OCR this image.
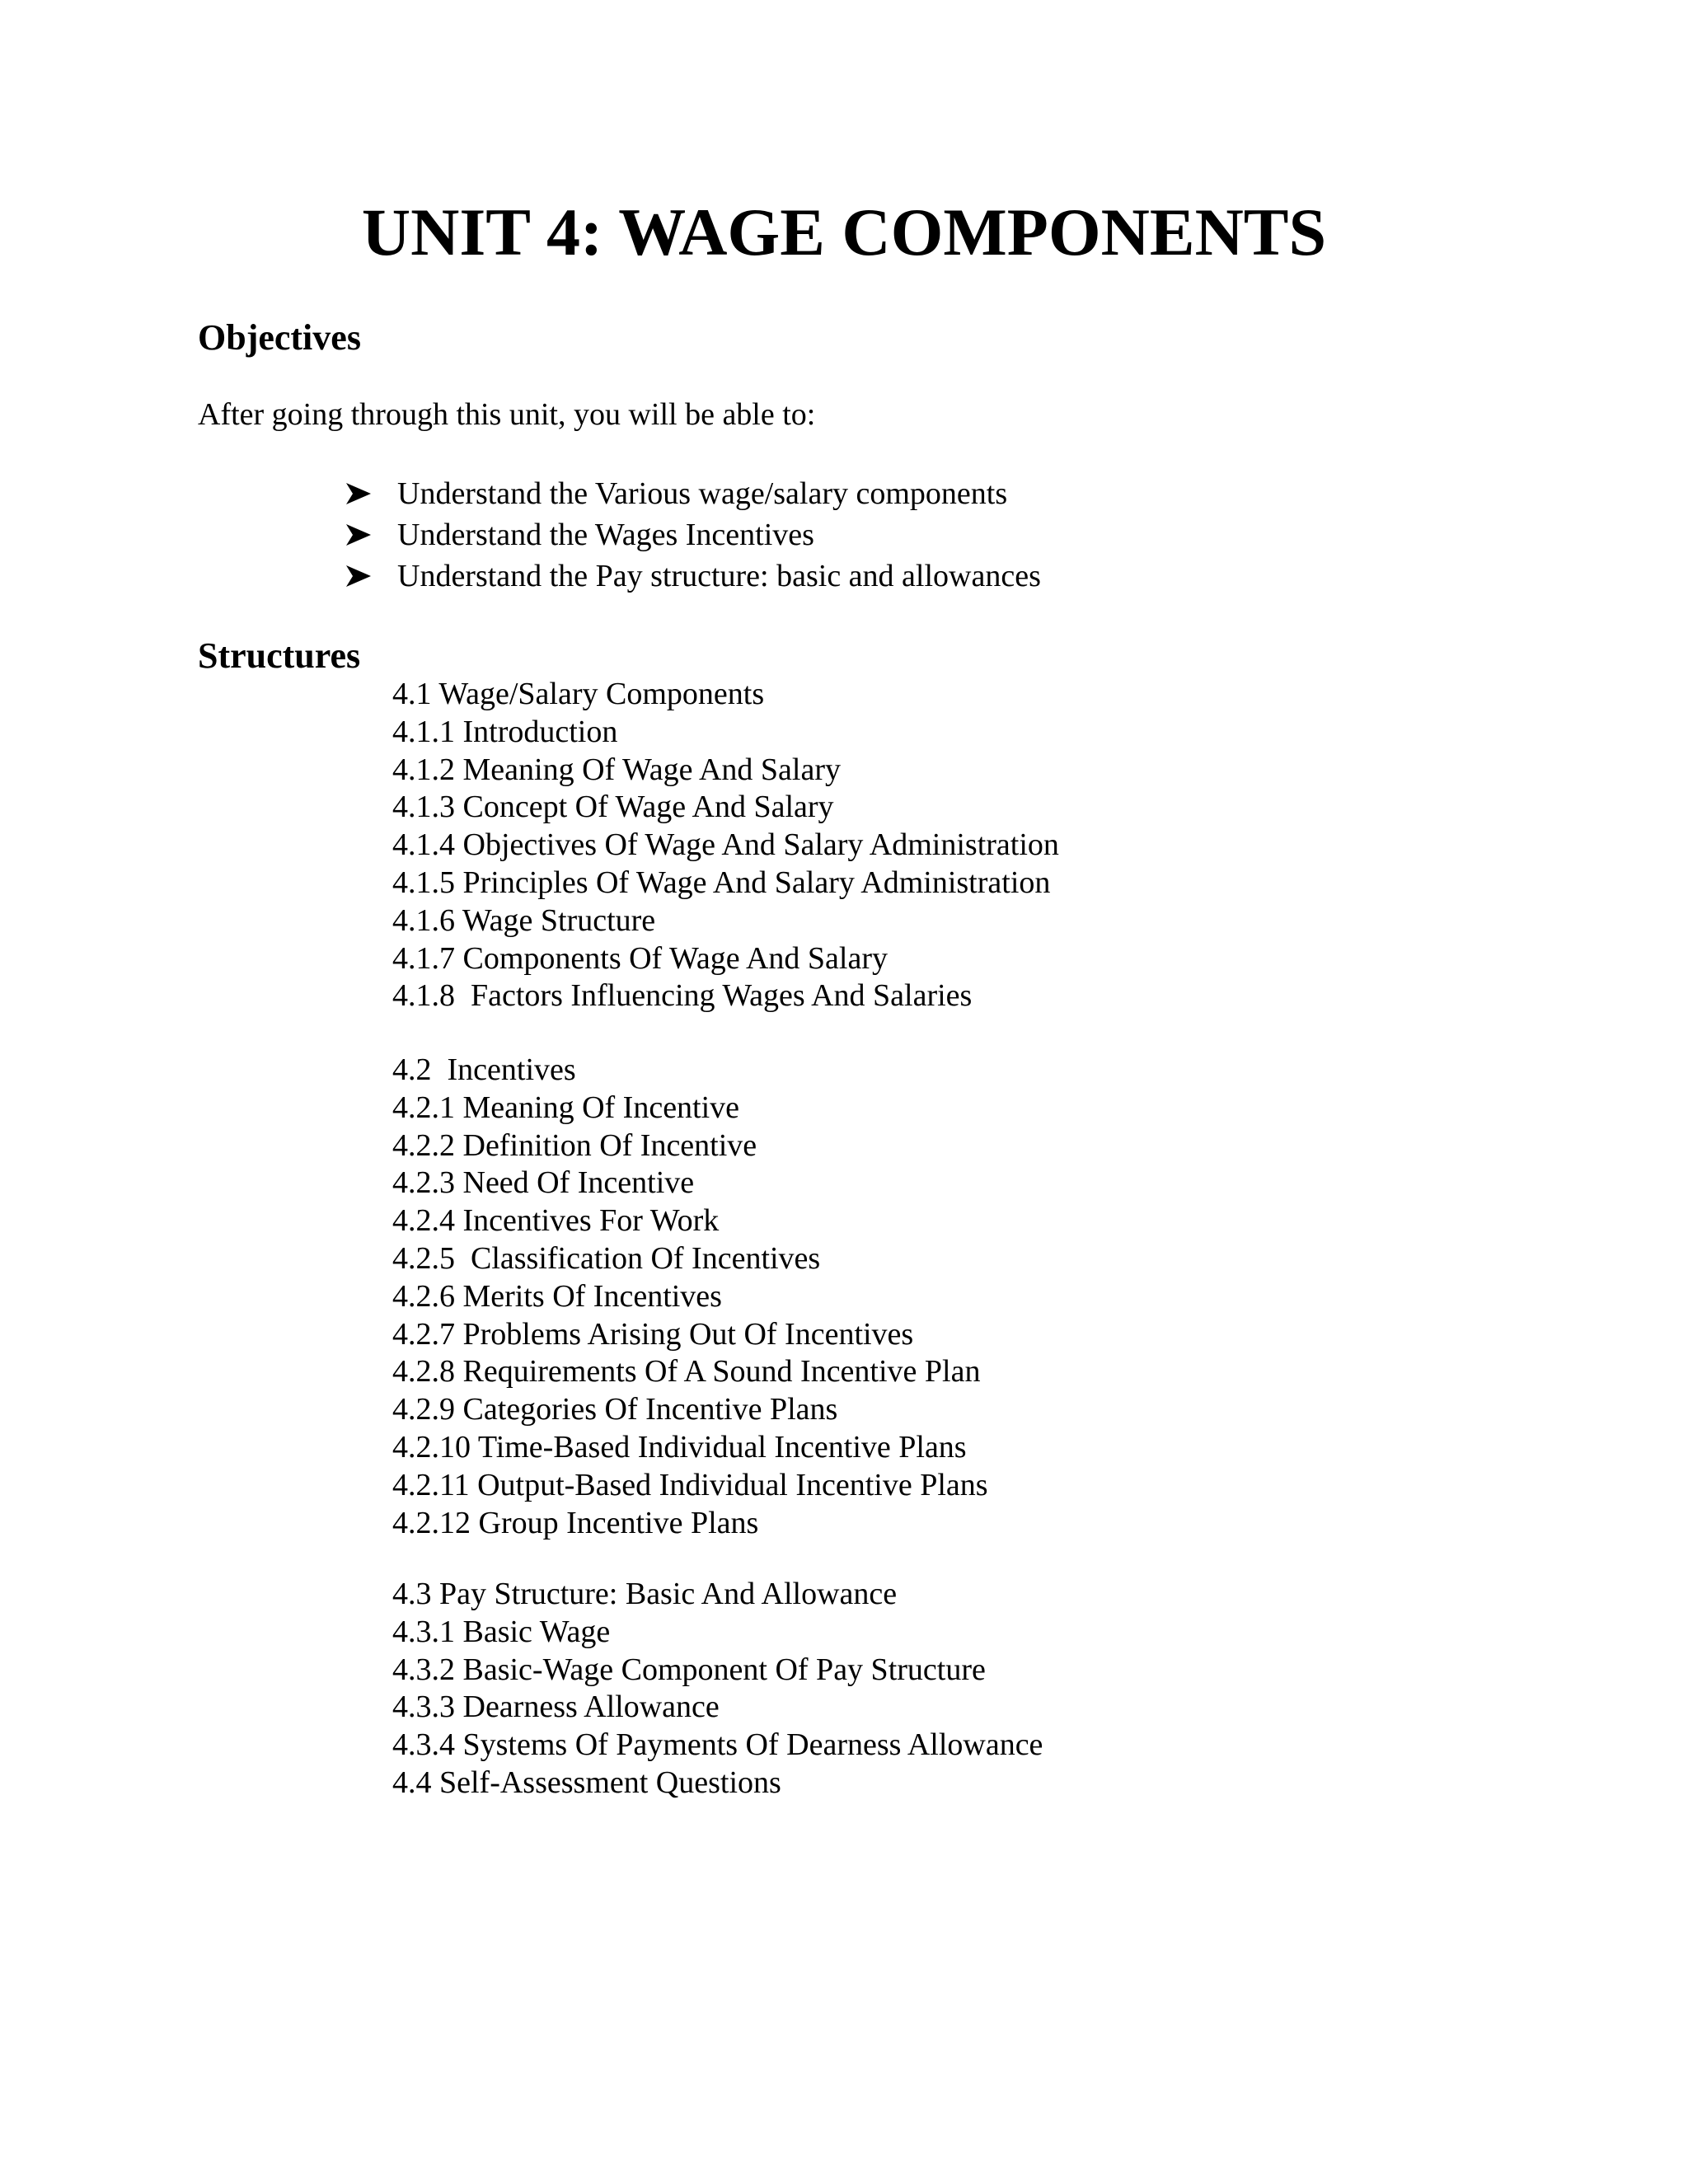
UNIT 4: WAGE COMPONENTS
Objectives

After going through this unit, you will be able to:

Understand the Various wage/salary components
Understand the Wages Incentives
Understand the Pay structure: basic and allowances
Structures
4.1 Wage/Salary Components
4.1.1 Introduction
4.1.2 Meaning Of Wage And Salary
4.1.3 Concept Of Wage And Salary
4.1.4 Objectives Of Wage And Salary Administration
4.1.5 Principles Of Wage And Salary Administration
4.1.6 Wage Structure
4.1.7 Components Of Wage And Salary
4.1.8  Factors Influencing Wages And Salaries
4.2  Incentives
4.2.1 Meaning Of Incentive
4.2.2 Definition Of Incentive
4.2.3 Need Of Incentive
4.2.4 Incentives For Work
4.2.5  Classification Of Incentives
4.2.6 Merits Of Incentives
4.2.7 Problems Arising Out Of Incentives
4.2.8 Requirements Of A Sound Incentive Plan
4.2.9 Categories Of Incentive Plans
4.2.10 Time-Based Individual Incentive Plans
4.2.11 Output-Based Individual Incentive Plans
4.2.12 Group Incentive Plans
4.3 Pay Structure: Basic And Allowance
4.3.1 Basic Wage
4.3.2 Basic-Wage Component Of Pay Structure
4.3.3 Dearness Allowance
4.3.4 Systems Of Payments Of Dearness Allowance
4.4 Self-Assessment Questions
